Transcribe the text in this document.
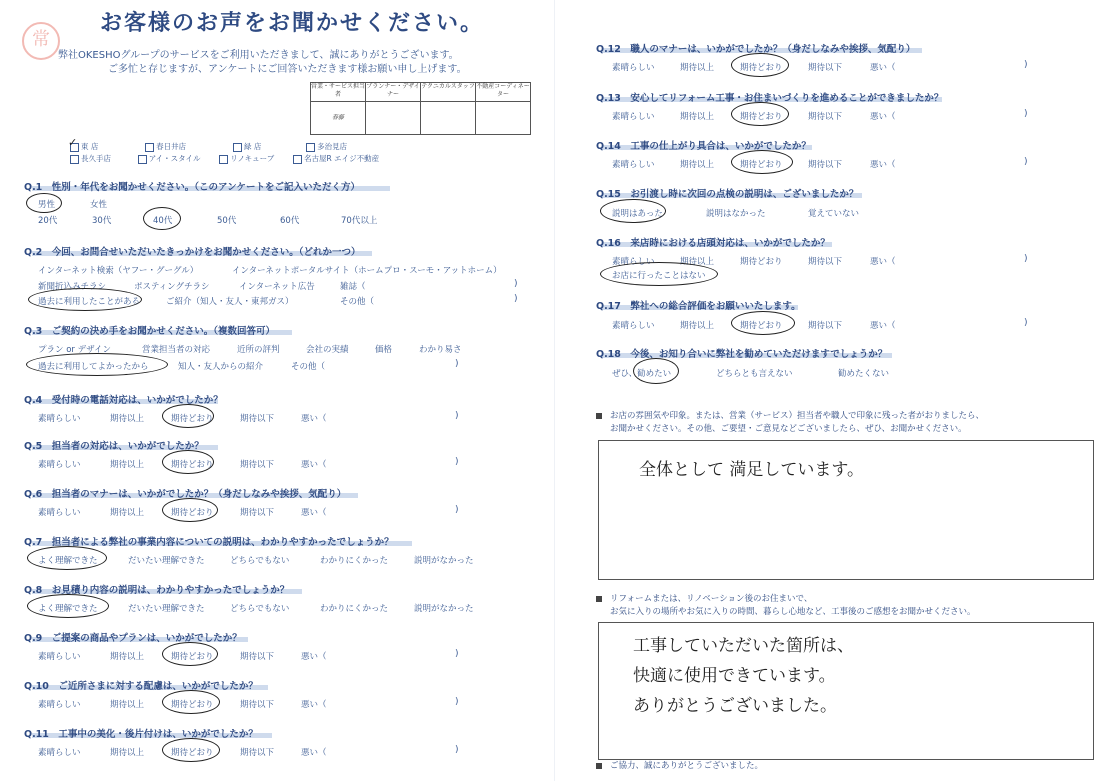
常
お客様のお声をお聞かせください。
弊社OKESHOグループのサービスをご利用いただきまして、誠にありがとうございます。
ご多忙と存じますが、アンケートにご回答いただきます様お願い申し上げます。
営業・サービス担当者	プランナー・デザイナー	テクニカルスタッフ	不動産コーディネーター
春藤			
✓ 東 店	春日井店	緑 店	多治見店
長久手店	アイ・スタイル	リノキューブ	名古屋R エイジ不動産
Q.1　性別・年代をお聞かせください。（このアンケートをご記入いただく方）
男性	女性
20代	30代	40代	50代	60代	70代以上
Q.2　今回、お問合せいただいたきっかけをお聞かせください。（どれか一つ）
インターネット検索（ヤフー・グーグル）	インターネットポータルサイト（ホームプロ・スーモ・アットホーム）
新聞折込みチラシ	ポスティングチラシ	インターネット広告	雑誌（	)
過去に利用したことがある	ご紹介（知人・友人・東邦ガス）	その他（	)
Q.3　ご契約の決め手をお聞かせください。（複数回答可）
プラン or デザイン	営業担当者の対応	近所の評判	会社の実績	価格	わかり易さ
過去に利用してよかったから	知人・友人からの紹介	その他（	)
Q.4　受付時の電話対応は、いかがでしたか？
素晴らしい	期待以上	期待どおり	期待以下	悪い（	)
Q.5　担当者の対応は、いかがでしたか？
素晴らしい	期待以上	期待どおり	期待以下	悪い（	)
Q.6　担当者のマナーは、いかがでしたか？（身だしなみや挨拶、気配り）
素晴らしい	期待以上	期待どおり	期待以下	悪い（	)
Q.7　担当者による弊社の事業内容についての説明は、わかりやすかったでしょうか？
よく理解できた	だいたい理解できた	どちらでもない	わかりにくかった	説明がなかった
Q.8　お見積り内容の説明は、わかりやすかったでしょうか？
よく理解できた	だいたい理解できた	どちらでもない	わかりにくかった	説明がなかった
Q.9　ご提案の商品やプランは、いかがでしたか？
素晴らしい	期待以上	期待どおり	期待以下	悪い（	)
Q.10　ご近所さまに対する配慮は、いかがでしたか？
素晴らしい	期待以上	期待どおり	期待以下	悪い（	)
Q.11　工事中の美化・後片付けは、いかがでしたか？
素晴らしい	期待以上	期待どおり	期待以下	悪い（	)
Q.12　職人のマナーは、いかがでしたか？（身だしなみや挨拶、気配り）
素晴らしい	期待以上	期待どおり	期待以下	悪い（	)
Q.13　安心してリフォーム工事・お住まいづくりを進めることができましたか？
素晴らしい	期待以上	期待どおり	期待以下	悪い（	)
Q.14　工事の仕上がり具合は、いかがでしたか？
素晴らしい	期待以上	期待どおり	期待以下	悪い（	)
Q.15　お引渡し時に次回の点検の説明は、ございましたか？
説明はあった	説明はなかった	覚えていない
Q.16　来店時における店頭対応は、いかがでしたか？
素晴らしい	期待以上	期待どおり	期待以下	悪い（	)
お店に行ったことはない
Q.17　弊社への総合評価をお願いいたします。
素晴らしい	期待以上	期待どおり	期待以下	悪い（	)
Q.18　今後、お知り合いに弊社を勧めていただけますでしょうか？
ぜひ、勧めたい	どちらとも言えない	勧めたくない
お店の雰囲気や印象。または、営業（サービス）担当者や職人で印象に残った者がおりましたら、
お聞かせください。その他、ご要望・ご意見などございましたら、ぜひ、お聞かせください。
全体として 満足しています。
リフォームまたは、リノベーション後のお住まいで、
お気に入りの場所やお気に入りの時間、暮らし心地など、工事後のご感想をお聞かせください。
工事していただいた箇所は、
快適に使用できています。
ありがとうございました。
ご協力、誠にありがとうございました。
